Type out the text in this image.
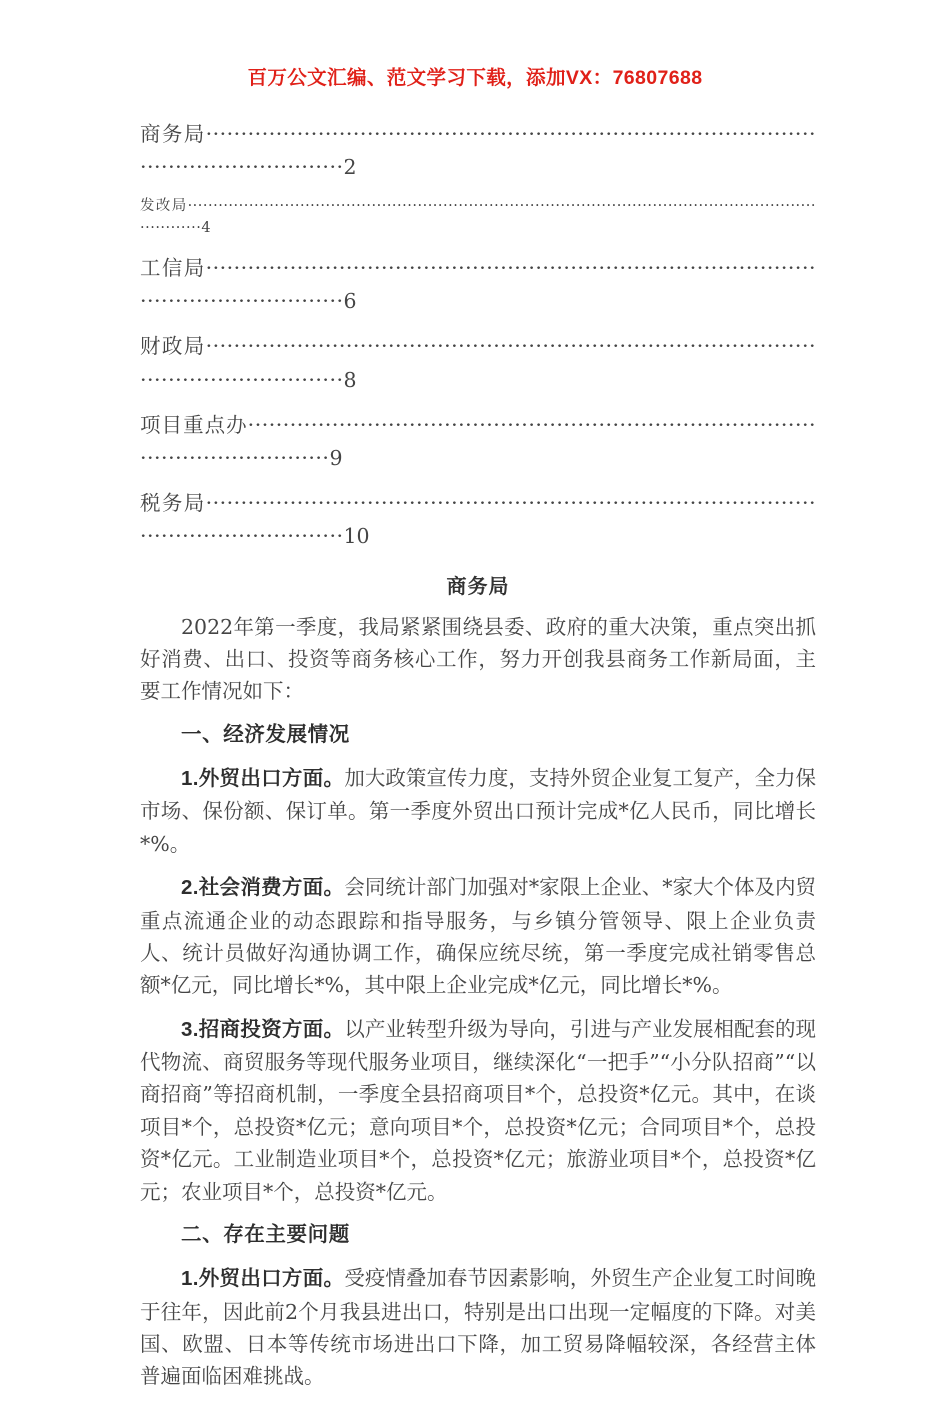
百万公文汇编、范文学习下载，添加VX：76807688
商务局····················································································································2
发改局·······································································································································4
工信局····················································································································6
财政局····················································································································8
项目重点办············································································································9
税务局····················································································································10
商务局

2022年第一季度，我局紧紧围绕县委、政府的重大决策，重点突出抓好消费、出口、投资等商务核心工作，努力开创我县商务工作新局面，主要工作情况如下：

一、经济发展情况

1.外贸出口方面。加大政策宣传力度，支持外贸企业复工复产，全力保市场、保份额、保订单。第一季度外贸出口预计完成*亿人民币，同比增长*%。

2.社会消费方面。会同统计部门加强对*家限上企业、*家大个体及内贸重点流通企业的动态跟踪和指导服务，与乡镇分管领导、限上企业负责人、统计员做好沟通协调工作，确保应统尽统，第一季度完成社销零售总额*亿元，同比增长*%，其中限上企业完成*亿元，同比增长*%。

3.招商投资方面。以产业转型升级为导向，引进与产业发展相配套的现代物流、商贸服务等现代服务业项目，继续深化“一把手”“小分队招商”“以商招商”等招商机制，一季度全县招商项目*个，总投资*亿元。其中，在谈项目*个，总投资*亿元；意向项目*个，总投资*亿元；合同项目*个，总投资*亿元。工业制造业项目*个，总投资*亿元；旅游业项目*个，总投资*亿元；农业项目*个，总投资*亿元。

二、存在主要问题

1.外贸出口方面。受疫情叠加春节因素影响，外贸生产企业复工时间晚于往年，因此前2个月我县进出口，特别是出口出现一定幅度的下降。对美国、欧盟、日本等传统市场进出口下降，加工贸易降幅较深，各经营主体普遍面临困难挑战。
